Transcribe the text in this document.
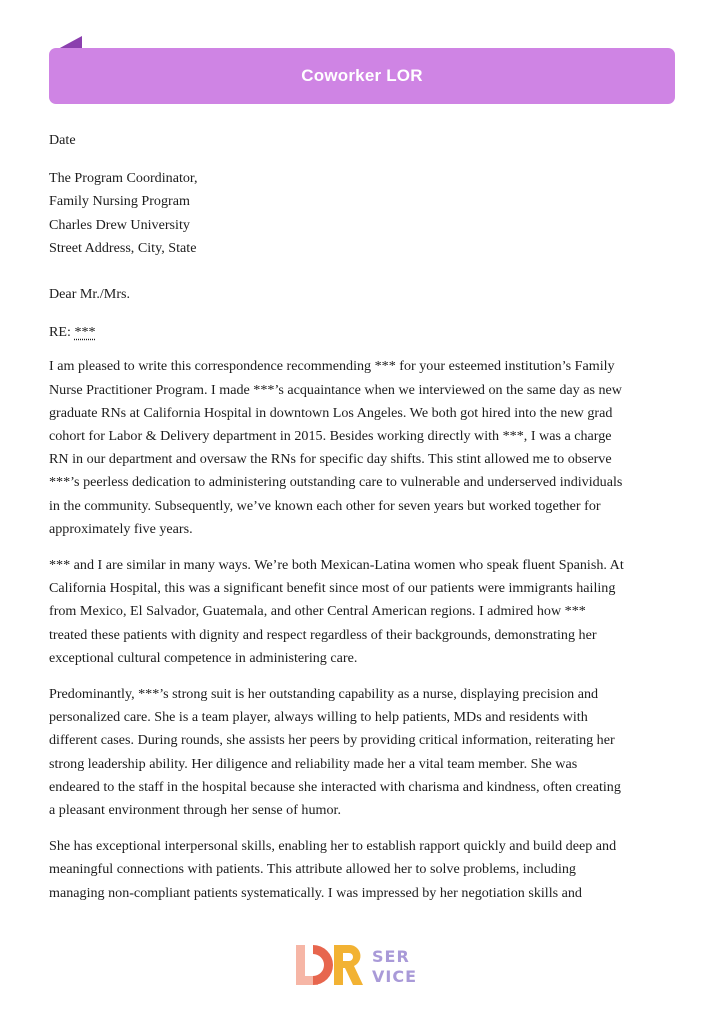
Coworker LOR

Date

The Program Coordinator,

Family Nursing Program

Charles Drew University

Street Address, City, State

Dear Mr./Mrs.

RE: ***

I am pleased to write this correspondence recommending *** for your esteemed institution’s Family

Nurse Practitioner Program. I made ***’s acquaintance when we interviewed on the same day as new

graduate RNs at California Hospital in downtown Los Angeles. We both got hired into the new grad

cohort for Labor & Delivery department in 2015. Besides working directly with ***, I was a charge

RN in our department and oversaw the RNs for specific day shifts. This stint allowed me to observe

***’s peerless dedication to administering outstanding care to vulnerable and underserved individuals

in the community. Subsequently, we’ve known each other for seven years but worked together for

approximately five years.

*** and I are similar in many ways. We’re both Mexican-Latina women who speak fluent Spanish. At

California Hospital, this was a significant benefit since most of our patients were immigrants hailing

from Mexico, El Salvador, Guatemala, and other Central American regions. I admired how ***

treated these patients with dignity and respect regardless of their backgrounds, demonstrating her

exceptional cultural competence in administering care.

Predominantly, ***’s strong suit is her outstanding capability as a nurse, displaying precision and

personalized care. She is a team player, always willing to help patients, MDs and residents with

different cases. During rounds, she assists her peers by providing critical information, reiterating her

strong leadership ability. Her diligence and reliability made her a vital team member. She was

endeared to the staff in the hospital because she interacted with charisma and kindness, often creating

a pleasant environment through her sense of humor.

She has exceptional interpersonal skills, enabling her to establish rapport quickly and build deep and

meaningful connections with patients. This attribute allowed her to solve problems, including

managing non-compliant patients systematically. I was impressed by her negotiation skills and

SER
VICE
